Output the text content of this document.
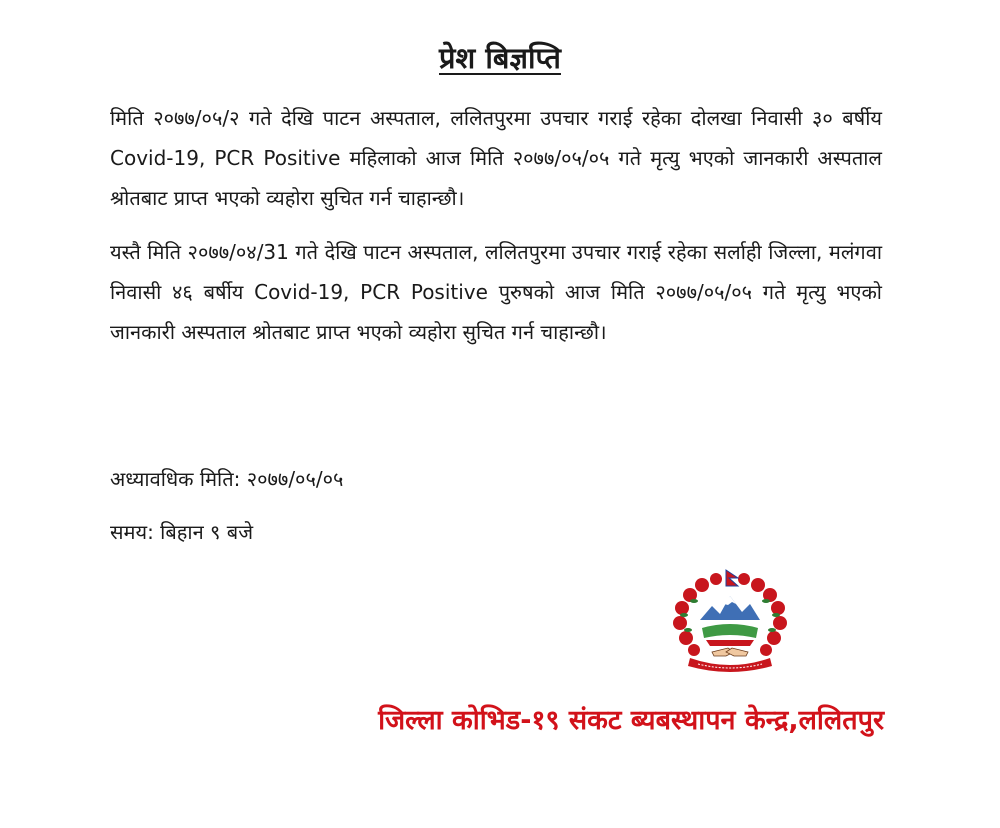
प्रेश बिज्ञप्ति

मिति २०७७/०५/२ गते देखि पाटन अस्पताल, ललितपुरमा उपचार गराई रहेका दोलखा निवासी ३० बर्षीय Covid-19, PCR Positive महिलाको आज मिति २०७७/०५/०५ गते मृत्यु भएको जानकारी अस्पताल श्रोतबाट प्राप्त भएको व्यहोरा सुचित गर्न चाहान्छौ।

यस्तै मिति २०७७/०४/31 गते देखि पाटन अस्पताल, ललितपुरमा उपचार गराई रहेका सर्लाही जिल्ला, मलंगवा निवासी ४६ बर्षीय Covid-19, PCR Positive पुरुषको आज मिति २०७७/०५/०५ गते मृत्यु भएको जानकारी अस्पताल श्रोतबाट प्राप्त भएको व्यहोरा सुचित गर्न चाहान्छौ।

अध्यावधिक मिति: २०७७/०५/०५

समय: बिहान ९ बजे

जिल्ला कोभिड-१९ संकट ब्यबस्थापन केन्द्र,ललितपुर
